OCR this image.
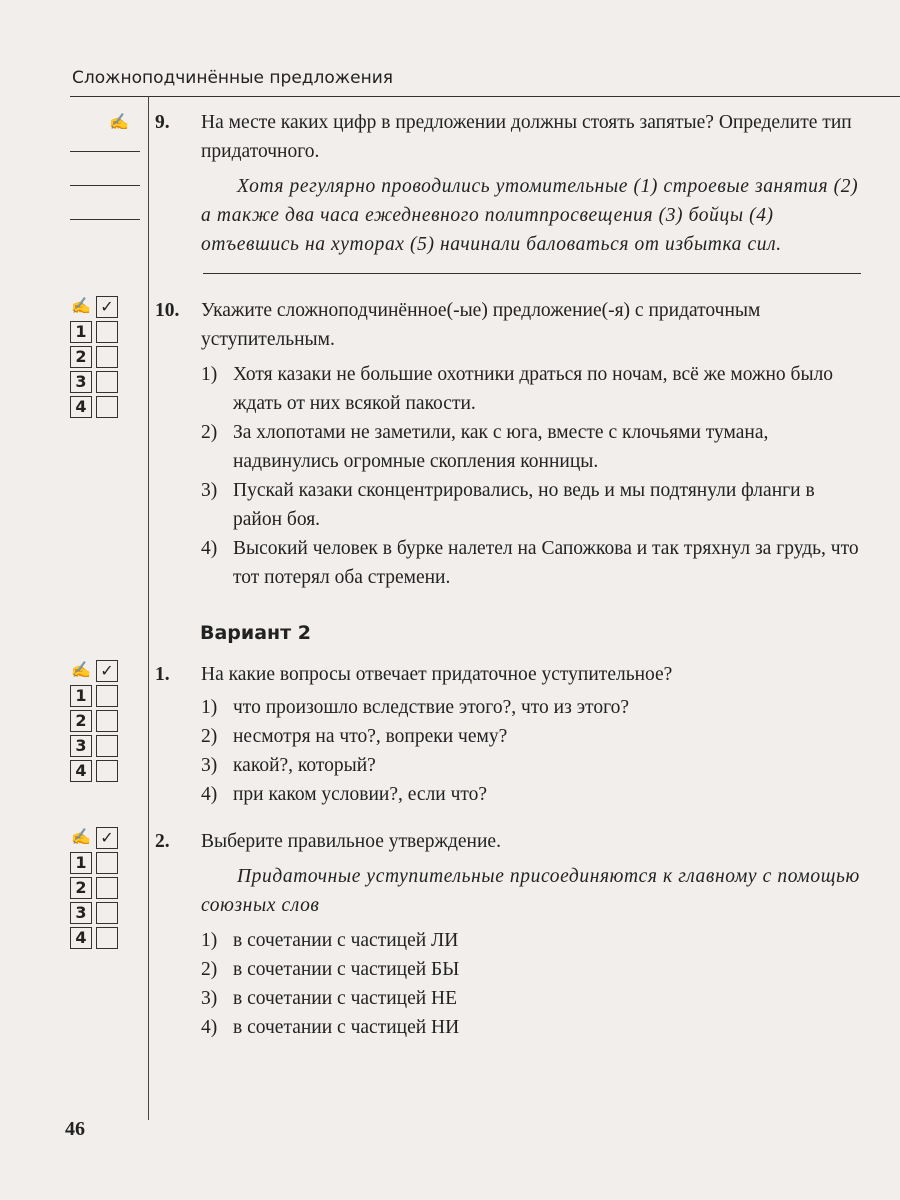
Сложноподчинённые предложения
✍ 9. На месте каких цифр в предложении должны стоять запятые? Определите тип придаточного.
Хотя регулярно проводились утомительные (1) строевые занятия (2) а также два часа ежедневного политпросвещения (3) бойцы (4) отъевшись на хуторах (5) начинали баловаться от избытка сил.
✍ ✓
1
2
3
4
10. Укажите сложноподчинённое(-ые) предложение(-я) с придаточным уступительным.
1) Хотя казаки не большие охотники драться по ночам, всё же можно было ждать от них всякой пакости.
2) За хлопотами не заметили, как с юга, вместе с клочьями тумана, надвинулись огромные скопления конницы.
3) Пускай казаки сконцентрировались, но ведь и мы подтянули фланги в район боя.
4) Высокий человек в бурке налетел на Сапожкова и так тряхнул за грудь, что тот потерял оба стремени.
Вариант 2
✍ ✓
1
2
3
4
1. На какие вопросы отвечает придаточное уступительное?
1) что произошло вследствие этого?, что из этого?
2) несмотря на что?, вопреки чему?
3) какой?, который?
4) при каком условии?, если что?
✍ ✓
1
2
3
4
2. Выберите правильное утверждение.
Придаточные уступительные присоединяются к главному с помощью союзных слов
1) в сочетании с частицей ЛИ
2) в сочетании с частицей БЫ
3) в сочетании с частицей НЕ
4) в сочетании с частицей НИ
46
